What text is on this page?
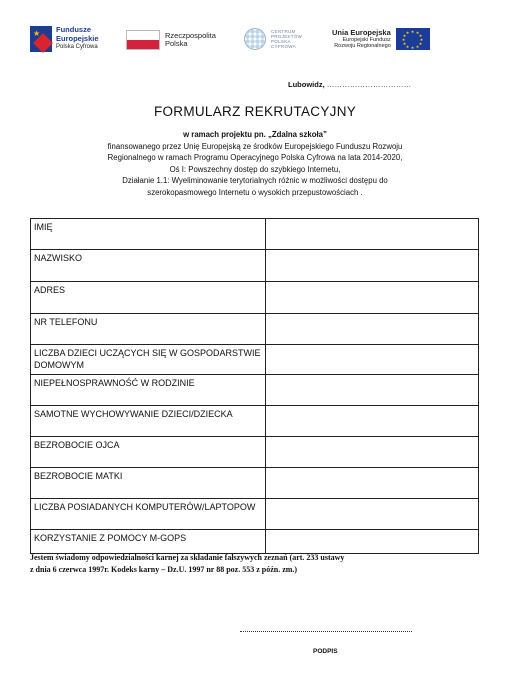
★ Fundusze
Europejskie
Polska Cyfrowa
Rzeczpospolita
Polska
CENTRUM
PROJEKTÓW
POLSKA
CYFROWA
Unia Europejska
Europejski Fundusz
Rozwoju Regionalnego
★ ★
★
★
★
★
★
★
★
★
★
★
Lubowidz, ……………………………
FORMULARZ REKRUTACYJNY
w ramach projektu pn. „Zdalna szkoła”
finansowanego przez Unię Europejską ze środków Europejskiego Funduszu Rozwoju
Regionalnego w ramach Programu Operacyjnego Polska Cyfrowa na lata 2014-2020,
Oś I: Powszechny dostęp do szybkiego Internetu,
Działanie 1.1: Wyeliminowanie terytorialnych różnic w możliwości dostępu do
szerokopasmowego Internetu o wysokich przepustowościach .
IMIĘ	
NAZWISKO	
ADRES	
NR TELEFONU	
LICZBA DZIECI UCZĄCYCH SIĘ W GOSPODARSTWIE DOMOWYM	
NIEPEŁNOSPRAWNOŚĆ W RODZINIE	
SAMOTNE WYCHOWYWANIE DZIECI/DZIECKA	
BEZROBOCIE OJCA	
BEZROBOCIE MATKI	
LICZBA POSIADANYCH KOMPUTERÓW/LAPTOPOW	
KORZYSTANIE Z POMOCY M-GOPS	
Jestem świadomy odpowiedzialności karnej za składanie fałszywych zeznań (art. 233 ustawy
z dnia 6 czerwca 1997r. Kodeks karny – Dz.U. 1997 nr 88 poz. 553 z późn. zm.)
PODPIS
